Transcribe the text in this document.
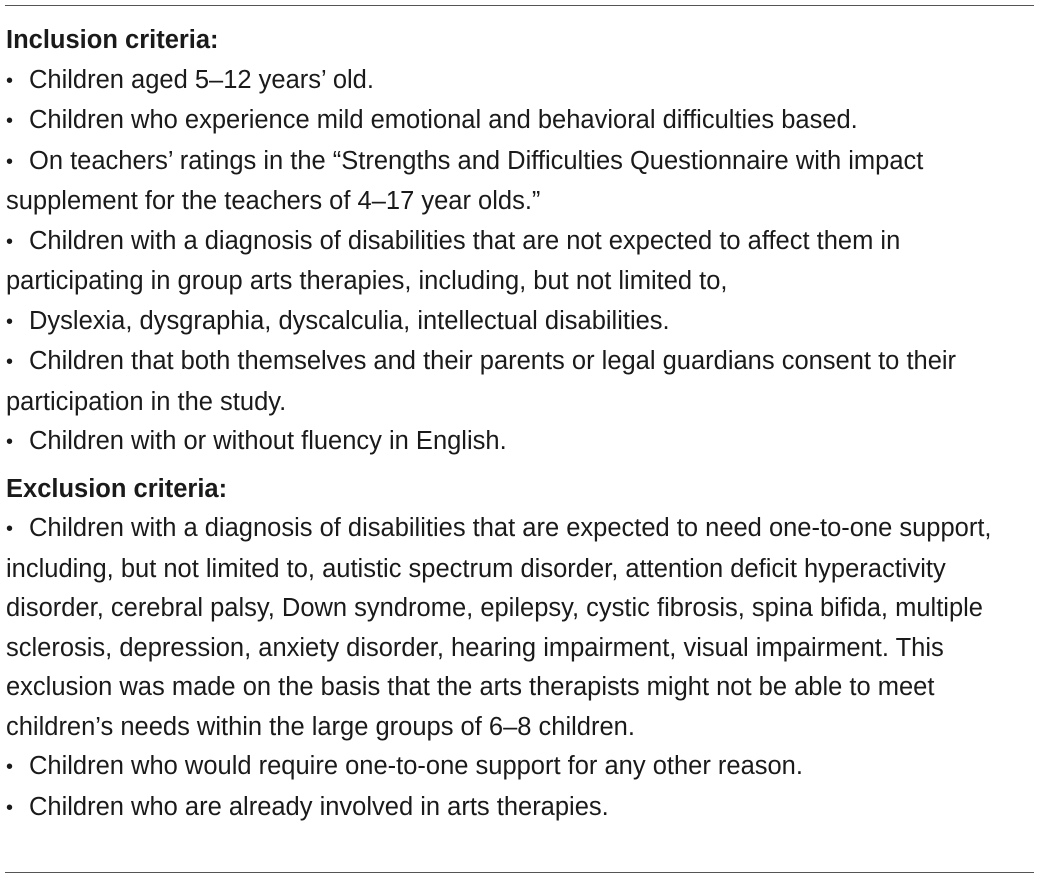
Inclusion criteria:
• Children aged 5–12 years’ old.
• Children who experience mild emotional and behavioral difficulties based.
• On teachers’ ratings in the “Strengths and Difficulties Questionnaire with impact supplement for the teachers of 4–17 year olds.”
• Children with a diagnosis of disabilities that are not expected to affect them in participating in group arts therapies, including, but not limited to,
• Dyslexia, dysgraphia, dyscalculia, intellectual disabilities.
• Children that both themselves and their parents or legal guardians consent to their participation in the study.
• Children with or without fluency in English.
Exclusion criteria:
• Children with a diagnosis of disabilities that are expected to need one-to-one support, including, but not limited to, autistic spectrum disorder, attention deficit hyperactivity disorder, cerebral palsy, Down syndrome, epilepsy, cystic fibrosis, spina bifida, multiple sclerosis, depression, anxiety disorder, hearing impairment, visual impairment. This exclusion was made on the basis that the arts therapists might not be able to meet children’s needs within the large groups of 6–8 children.
• Children who would require one-to-one support for any other reason.
• Children who are already involved in arts therapies.
